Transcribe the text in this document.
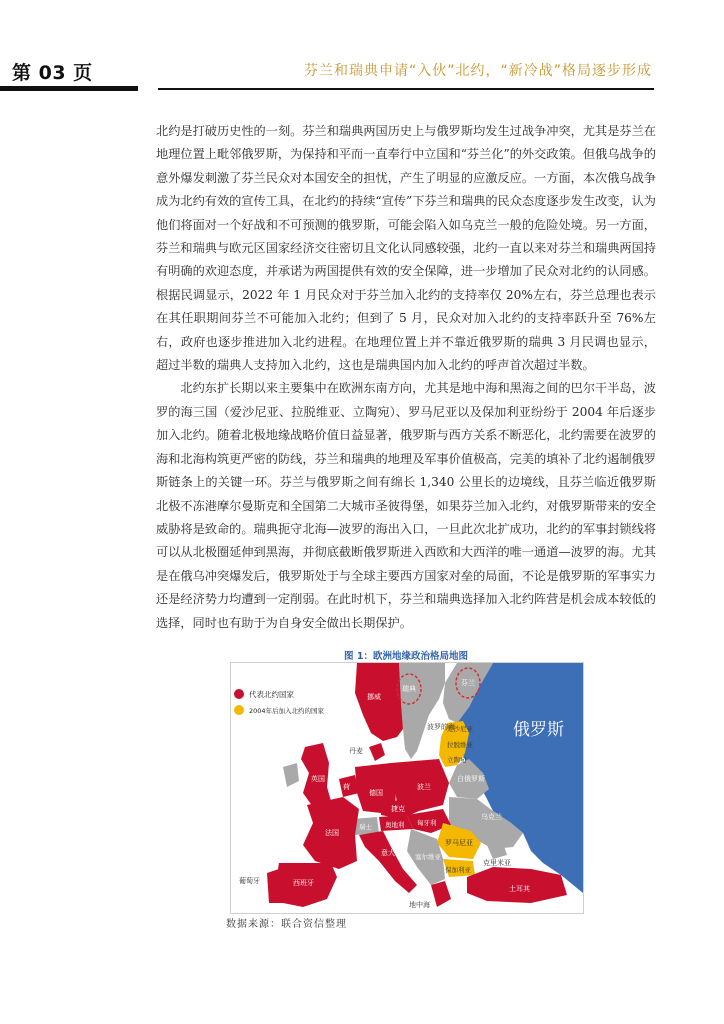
第 03 页	芬兰和瑞典申请“入伙”北约，“新冷战”格局逐步形成

北约是打破历史性的一刻。芬兰和瑞典两国历史上与俄罗斯均发生过战争冲突，尤其是芬兰在地理位置上毗邻俄罗斯，为保持和平而一直奉行中立国和“芬兰化”的外交政策。但俄乌战争的意外爆发刺激了芬兰民众对本国安全的担忧，产生了明显的应激反应。一方面，本次俄乌战争成为北约有效的宣传工具，在北约的持续“宣传”下芬兰和瑞典的民众态度逐步发生改变，认为他们将面对一个好战和不可预测的俄罗斯，可能会陷入如乌克兰一般的危险处境。另一方面，芬兰和瑞典与欧元区国家经济交往密切且文化认同感较强，北约一直以来对芬兰和瑞典两国持有明确的欢迎态度，并承诺为两国提供有效的安全保障，进一步增加了民众对北约的认同感。根据民调显示，2022 年 1 月民众对于芬兰加入北约的支持率仅 20%左右，芬兰总理也表示在其任职期间芬兰不可能加入北约；但到了 5 月，民众对加入北约的支持率跃升至 76%左右，政府也逐步推进加入北约进程。在地理位置上并不靠近俄罗斯的瑞典 3 月民调也显示，超过半数的瑞典人支持加入北约，这也是瑞典国内加入北约的呼声首次超过半数。

北约东扩长期以来主要集中在欧洲东南方向，尤其是地中海和黑海之间的巴尔干半岛，波罗的海三国（爱沙尼亚、拉脱维亚、立陶宛）、罗马尼亚以及保加利亚纷纷于 2004 年后逐步加入北约。随着北极地缘战略价值日益显著，俄罗斯与西方关系不断恶化，北约需要在波罗的海和北海构筑更严密的防线，芬兰和瑞典的地理及军事价值极高，完美的填补了北约遏制俄罗斯链条上的关键一环。芬兰与俄罗斯之间有绵长 1,340 公里长的边境线，且芬兰临近俄罗斯北极不冻港摩尔曼斯克和全国第二大城市圣彼得堡，如果芬兰加入北约，对俄罗斯带来的安全威胁将是致命的。瑞典扼守北海—波罗的海出入口，一旦此次北扩成功，北约的军事封锁线将可以从北极圈延伸到黑海，并彻底截断俄罗斯进入西欧和大西洋的唯一通道—波罗的海。尤其是在俄乌冲突爆发后，俄罗斯处于与全球主要西方国家对垒的局面，不论是俄罗斯的军事实力还是经济势力均遭到一定削弱。在此时机下，芬兰和瑞典选择加入北约阵营是机会成本较低的选择，同时也有助于为自身安全做出长期保护。

图 1：欧洲地缘政治格局地图
代表北约国家
2004年后加入北约的国家
挪威
瑞典
芬兰
波罗的海
爱沙尼亚
拉脱维亚
立陶宛
俄罗斯
丹麦
英国
荷
德国
波兰
白俄罗斯
乌克兰
捷克
法国
瑞士 奥地利 匈牙利
罗马尼亚
保加利亚
意大利 塞尔维亚
克里米亚
葡萄牙	西班牙
土耳其
地中海
数据来源：联合资信整理
